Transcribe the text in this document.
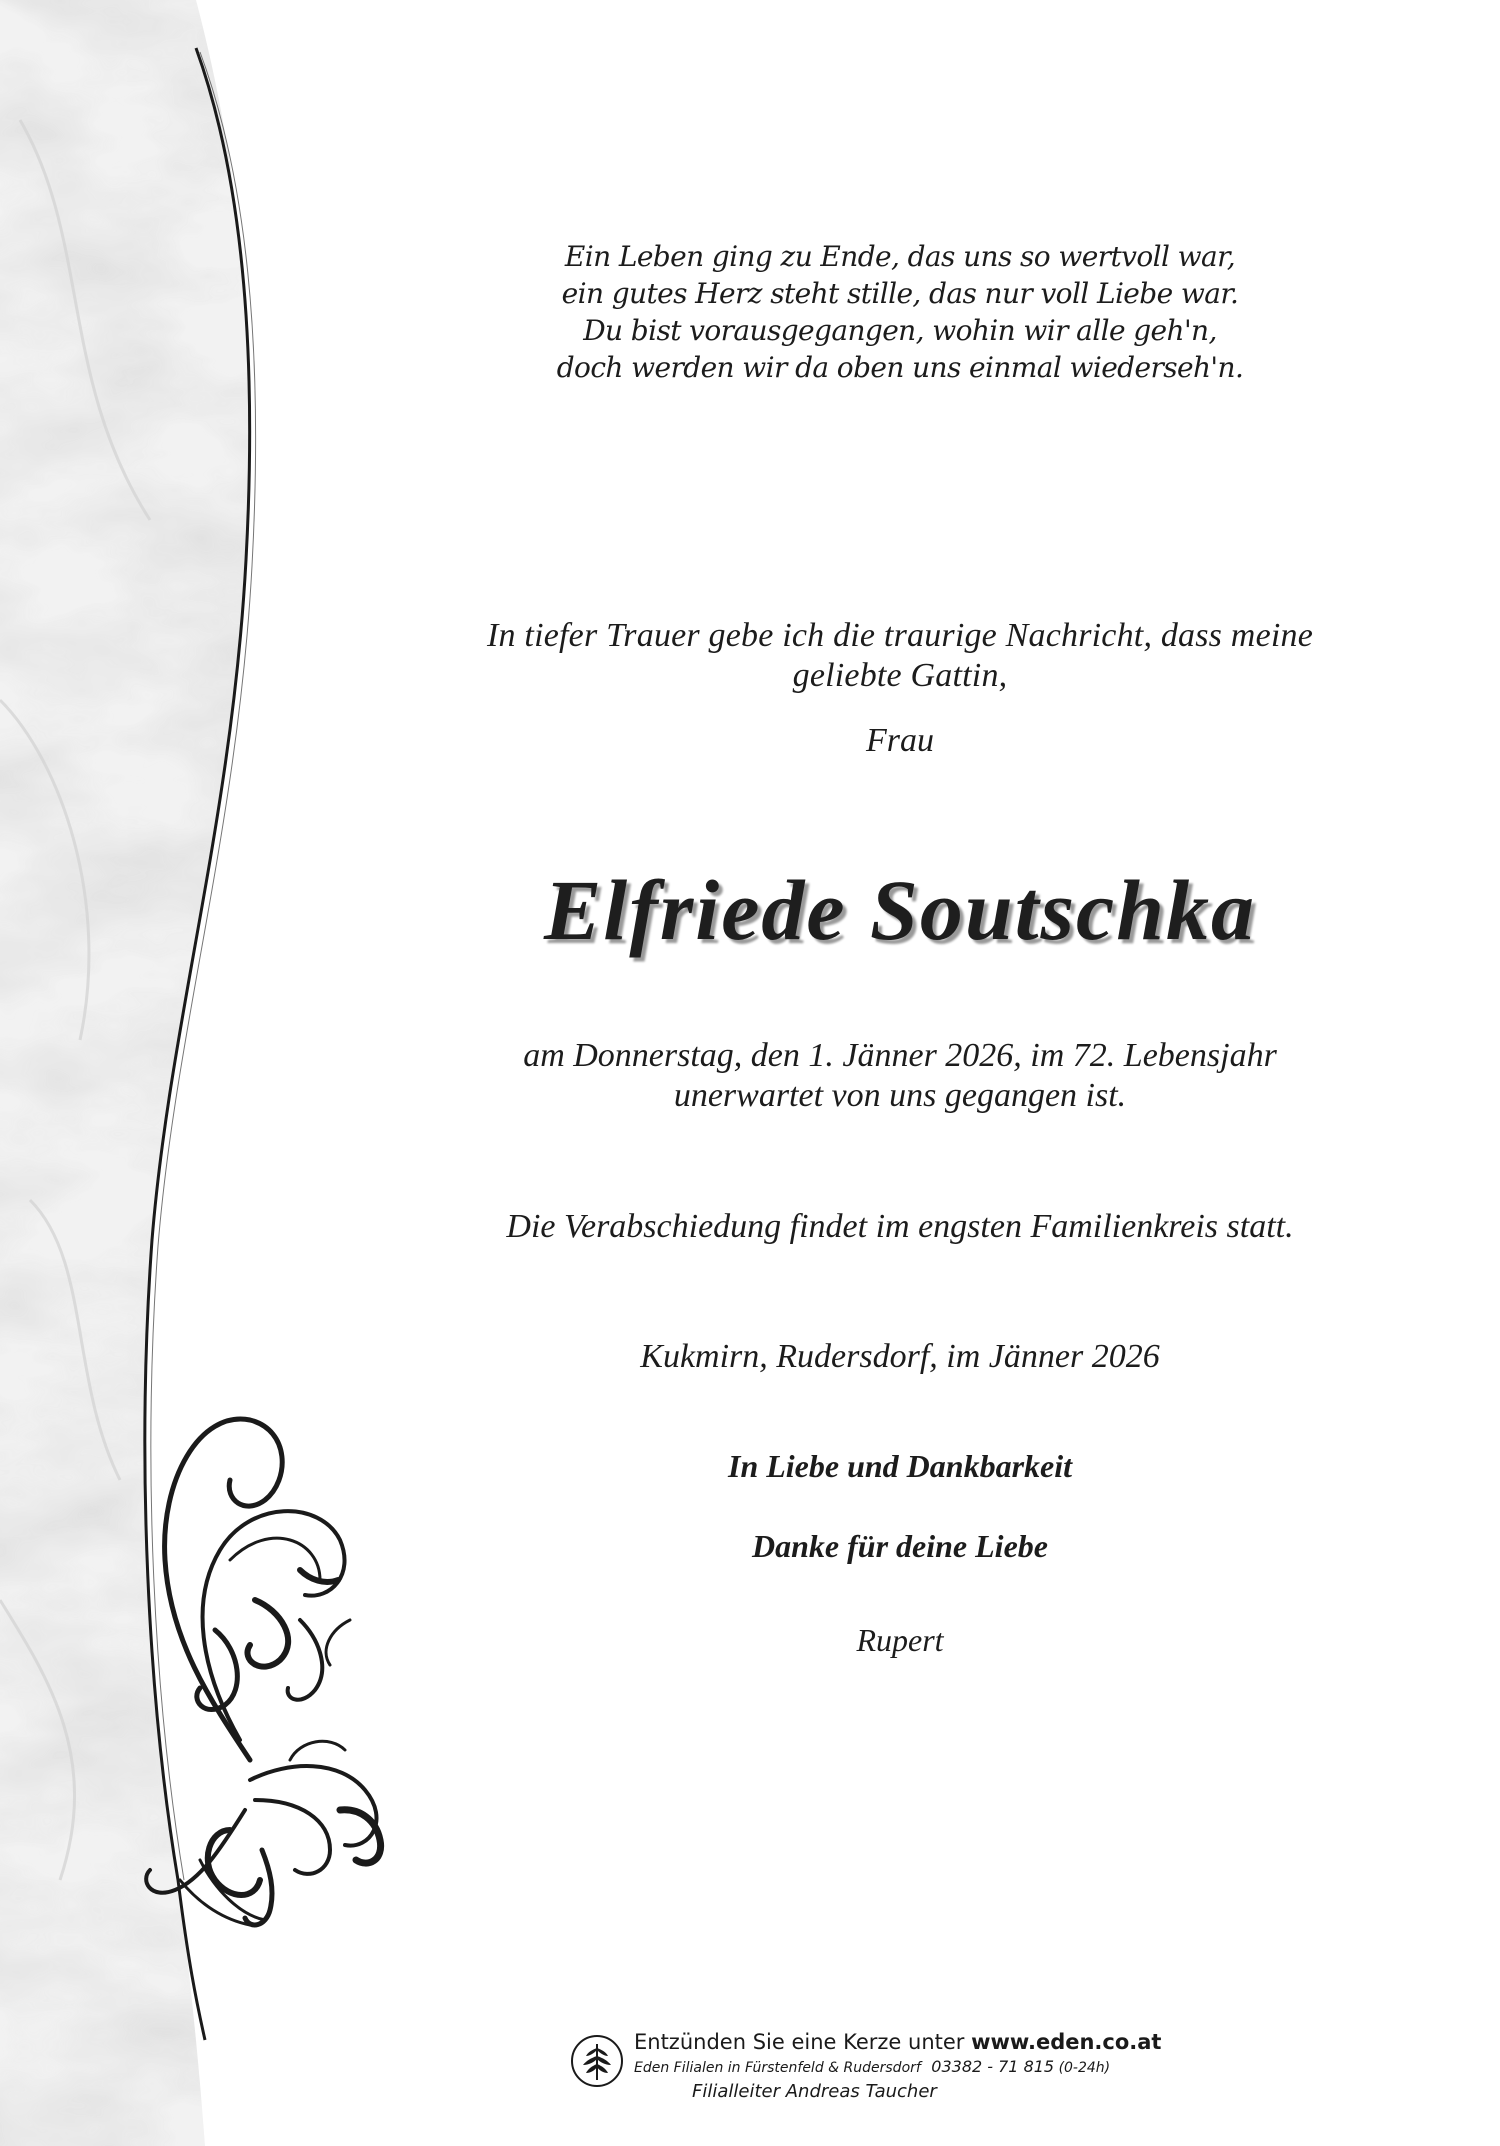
Ein Leben ging zu Ende, das uns so wertvoll war,
ein gutes Herz steht stille, das nur voll Liebe war.
Du bist vorausgegangen, wohin wir alle geh'n,
doch werden wir da oben uns einmal wiederseh'n.
In tiefer Trauer gebe ich die traurige Nachricht, dass meine
geliebte Gattin,
Frau
Elfriede Soutschka
am Donnerstag, den 1. Jänner 2026, im 72. Lebensjahr
unerwartet von uns gegangen ist.
Die Verabschiedung findet im engsten Familienkreis statt.
Kukmirn, Rudersdorf, im Jänner 2026
In Liebe und Dankbarkeit
Danke für deine Liebe
Rupert
Entzünden Sie eine Kerze unter www.eden.co.at
Eden Filialen in Fürstenfeld & Rudersdorf 03382 - 71 815 (0-24h)
Filialleiter Andreas Taucher
